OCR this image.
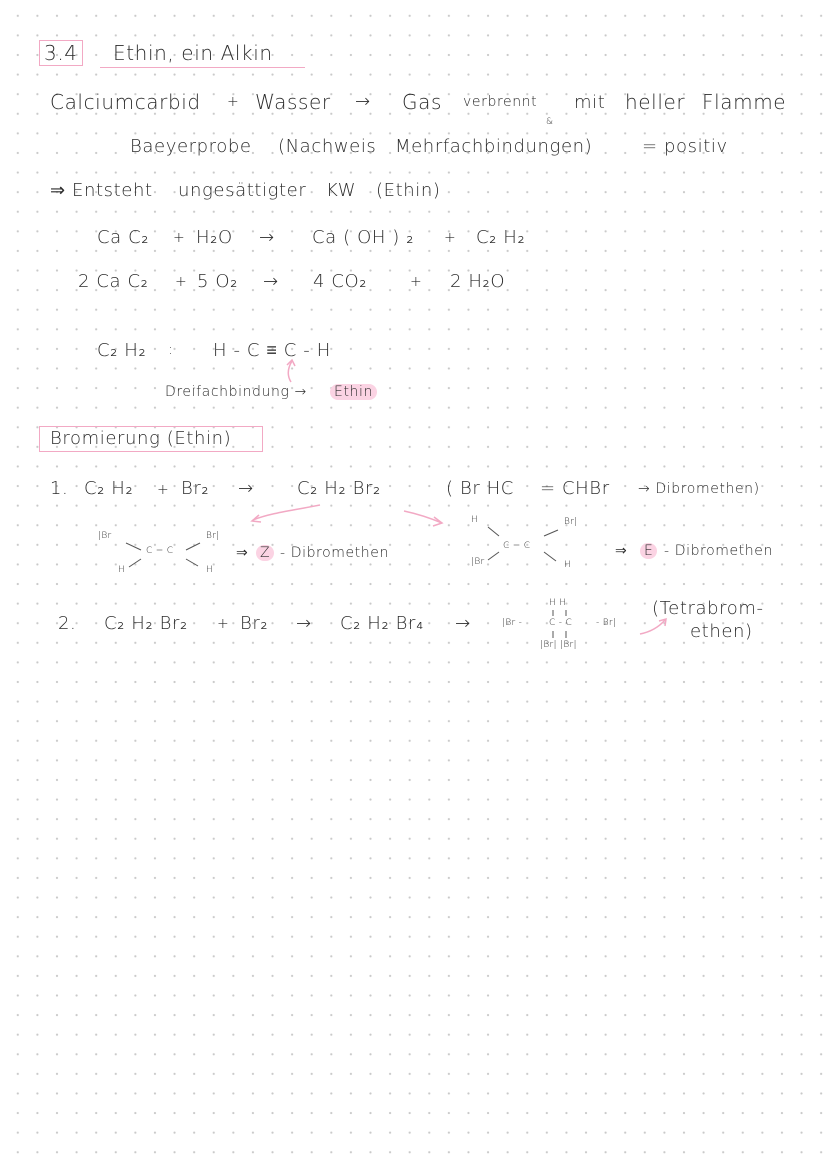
3.4 Ethin, ein Alkin
Calciumcarbid + Wasser → Gas verbrennt mit heller Flamme
&
Baeyerprobe (Nachweis Mehrfachbindungen)	= positiv
⇒ Entsteht ungesättigter KW (Ethin)
Ca C₂ + H₂O → Ca ( OH ) ₂ + C₂ H₂
2 Ca C₂ + 5 O₂ → 4 CO₂	+ 2 H₂O
C₂ H₂ : H - C ≡ C - H
Dreifachbindung → Ethin
Bromierung (Ethin)
1. C₂ H₂ + Br₂ → C₂ H₂ Br₂	( Br HC = CHBr → Dibromethen)
|Br	Br|
C = C
H	H
⇒ Z - Dibromethen
H	Br|
C = C
|Br	H
⇒ E - Dibromethen
2. C₂ H₂ Br₂ + Br₂ → C₂ H₂ Br₄ →
H H
|Br -	C - C	- Br|
|Br| |Br|
(Tetrabrom-
ethen)
